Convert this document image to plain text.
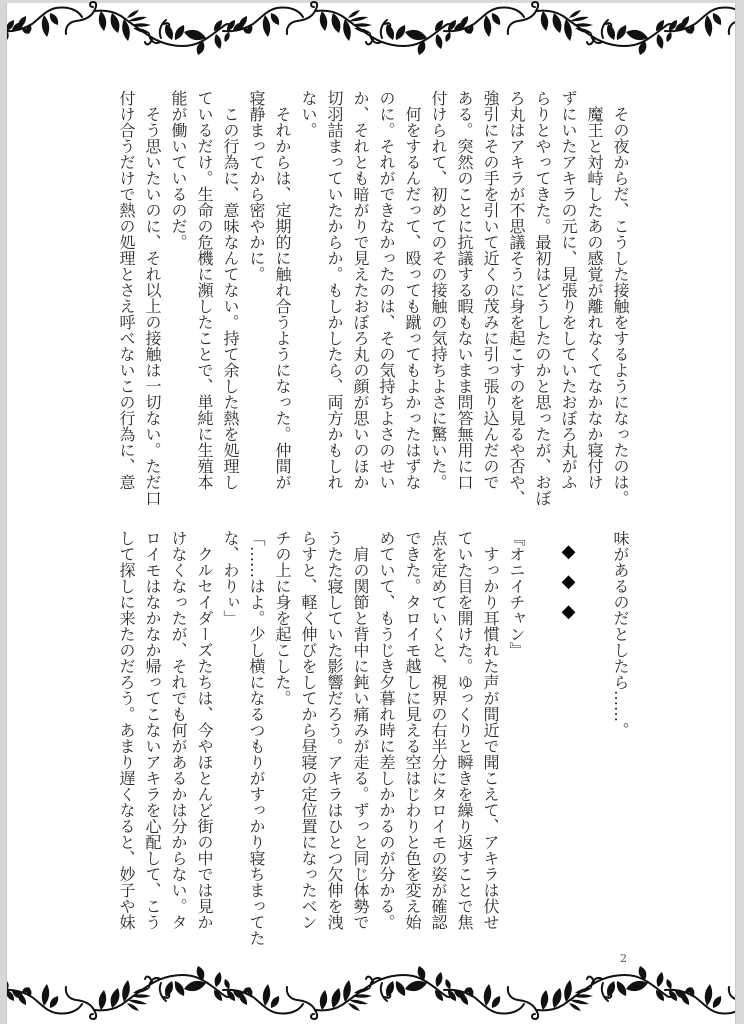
　その夜からだ、こうした接触をするようになったのは。
　魔王と対峙したあの感覚が離れなくてなかなか寝付け
ずにいたアキラの元に、見張りをしていたおぼろ丸がふ
らりとやってきた。最初はどうしたのかと思ったが、おぼ
ろ丸はアキラが不思議そうに身を起こすのを見るや否や、
強引にその手を引いて近くの茂みに引っ張り込んだので
ある。突然のことに抗議する暇もないまま問答無用に口
付けられて、初めてのその接触の気持ちよさに驚いた。
　何をするんだって、殴っても蹴ってもよかったはずな
のに。それができなかったのは、その気持ちよさのせい
か、それとも暗がりで見えたおぼろ丸の顔が思いのほか
切羽詰まっていたからか。もしかしたら、両方かもしれ
ない。
　それからは、定期的に触れ合うようになった。仲間が
寝静まってから密やかに。
　この行為に、意味なんてない。持て余した熱を処理し
ているだけ。生命の危機に瀕したことで、単純に生殖本
能が働いているのだ。
　そう思いたいのに、それ以上の接触は一切ない。ただ口
付け合うだけで熱の処理とさえ呼べないこの行為に、意
味があるのだとしたら……。
◆◆◆
『オニイチャン』
　すっかり耳慣れた声が間近で聞こえて、アキラは伏せ
ていた目を開けた。ゆっくりと瞬きを繰り返すことで焦
点を定めていくと、視界の右半分にタロイモの姿が確認
できた。タロイモ越しに見える空はじわりと色を変え始
めていて、もうじき夕暮れ時に差しかかるのが分かる。
　肩の関節と背中に鈍い痛みが走る。ずっと同じ体勢で
うたた寝していた影響だろう。アキラはひとつ欠伸を洩
らすと、軽く伸びをしてから昼寝の定位置になったベン
チの上に身を起こした。
「……はよ。少し横になるつもりがすっかり寝ちまってた
な、わりぃ」
　クルセイダーズたちは、今やほとんど街の中では見か
けなくなったが、それでも何があるかは分からない。タ
ロイモはなかなか帰ってこないアキラを心配して、こう
して探しに来たのだろう。あまり遅くなると、妙子や妹
2
